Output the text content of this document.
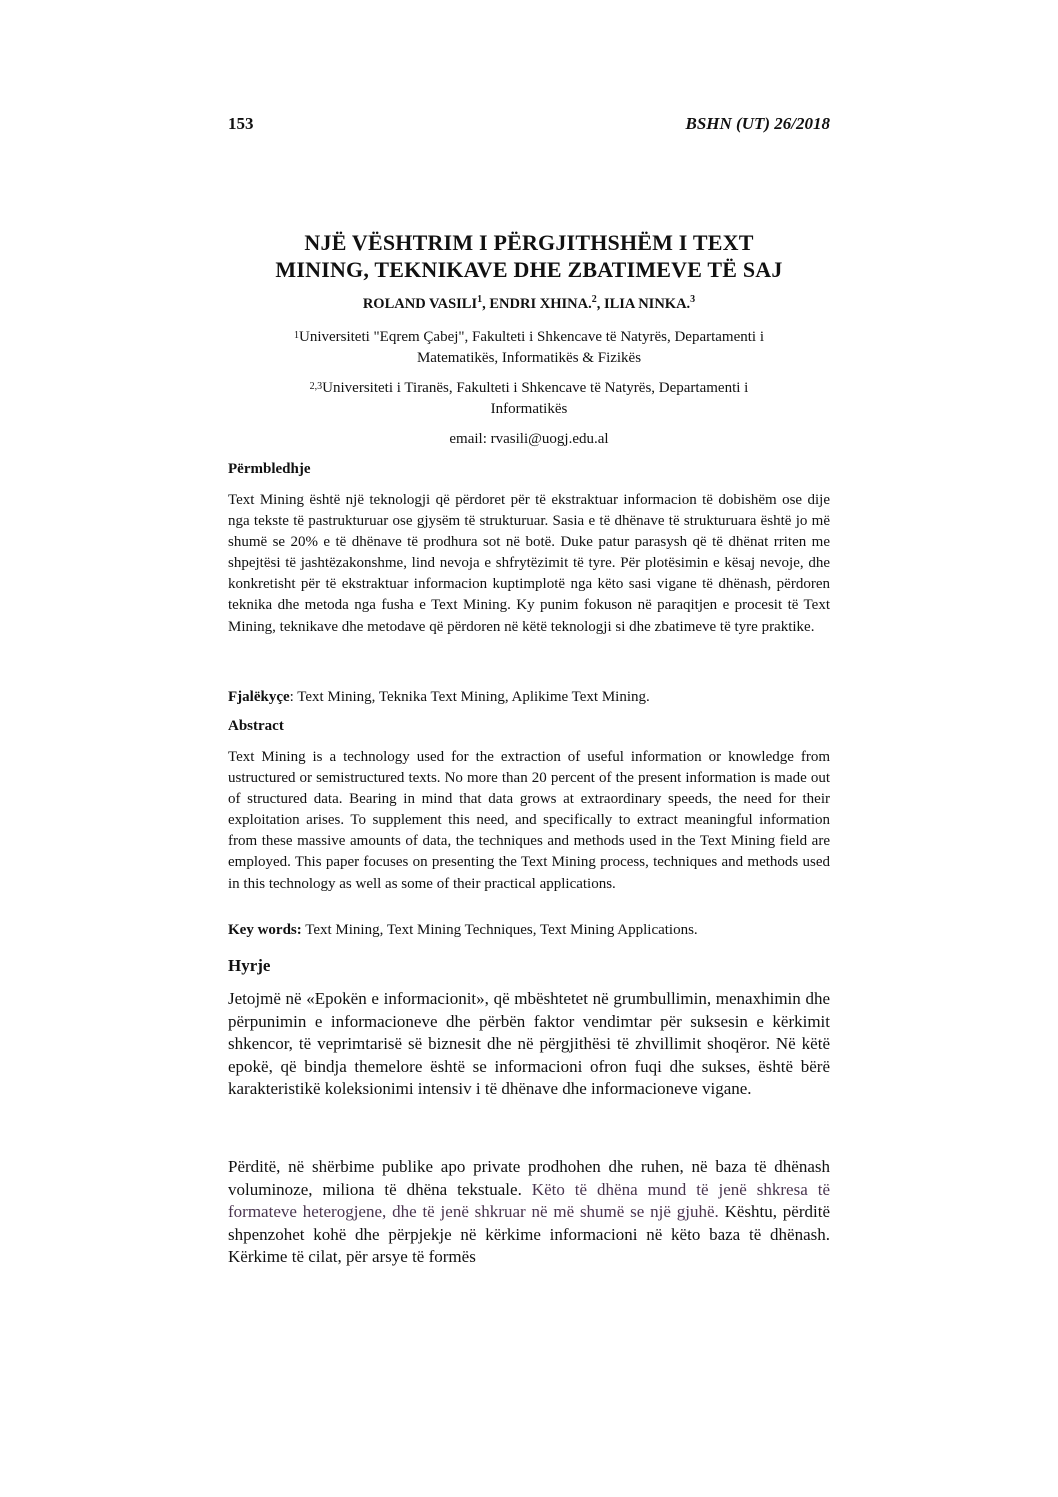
153	BSHN (UT) 26/2018
NJË VËSHTRIM I PËRGJITHSHËM I TEXT
MINING, TEKNIKAVE DHE ZBATIMEVE TË SAJ
ROLAND VASILI$^1$, ENDRI XHINA.$^2$, ILIA NINKA.$^3$
$^1$Universiteti "Eqrem Çabej", Fakulteti i Shkencave të Natyrës, Departamenti i
Matematikës, Informatikës & Fizikës
$^{2,3}$Universiteti i Tiranës, Fakulteti i Shkencave të Natyrës, Departamenti i
Informatikës
email: rvasili@uogj.edu.al
Përmbledhje
Text Mining është një teknologji që përdoret për të ekstraktuar informacion të dobishëm ose dije nga tekste të pastrukturuar ose gjysëm të strukturuar. Sasia e të dhënave të strukturuara është jo më shumë se 20% e të dhënave të prodhura sot në botë. Duke patur parasysh që të dhënat rriten me shpejtësi të jashtëzakonshme, lind nevoja e shfrytëzimit të tyre. Për plotësimin e kësaj nevoje, dhe konkretisht për të ekstraktuar informacion kuptimplotë nga këto sasi vigane të dhënash, përdoren teknika dhe metoda nga fusha e Text Mining. Ky punim fokuson në paraqitjen e procesit të Text Mining, teknikave dhe metodave që përdoren në këtë teknologji si dhe zbatimeve të tyre praktike.
Fjalëkyçe: Text Mining, Teknika Text Mining, Aplikime Text Mining.
Abstract
Text Mining is a technology used for the extraction of useful information or knowledge from ustructured or semistructured texts. No more than 20 percent of the present information is made out of structured data. Bearing in mind that data grows at extraordinary speeds, the need for their exploitation arises. To supplement this need, and specifically to extract meaningful information from these massive amounts of data, the techniques and methods used in the Text Mining field are employed. This paper focuses on presenting the Text Mining process, techniques and methods used in this technology as well as some of their practical applications.
Key words: Text Mining, Text Mining Techniques, Text Mining Applications.
Hyrje
Jetojmë në «Epokën e informacionit», që mbështetet në grumbullimin, menaxhimin dhe përpunimin e informacioneve dhe përbën faktor vendimtar për suksesin e kërkimit shkencor, të veprimtarisë së biznesit dhe në përgjithësi të zhvillimit shoqëror. Në këtë epokë, që bindja themelore është se informacioni ofron fuqi dhe sukses, është bërë karakteristikë koleksionimi intensiv i të dhënave dhe informacioneve vigane.
Përditë, në shërbime publike apo private prodhohen dhe ruhen, në baza të dhënash voluminoze, miliona të dhëna tekstuale. Këto të dhëna mund të jenë shkresa të formateve heterogjene, dhe të jenë shkruar në më shumë se një gjuhë. Kështu, përditë shpenzohet kohë dhe përpjekje në kërkime informacioni në këto baza të dhënash. Kërkime të cilat, për arsye të formës
